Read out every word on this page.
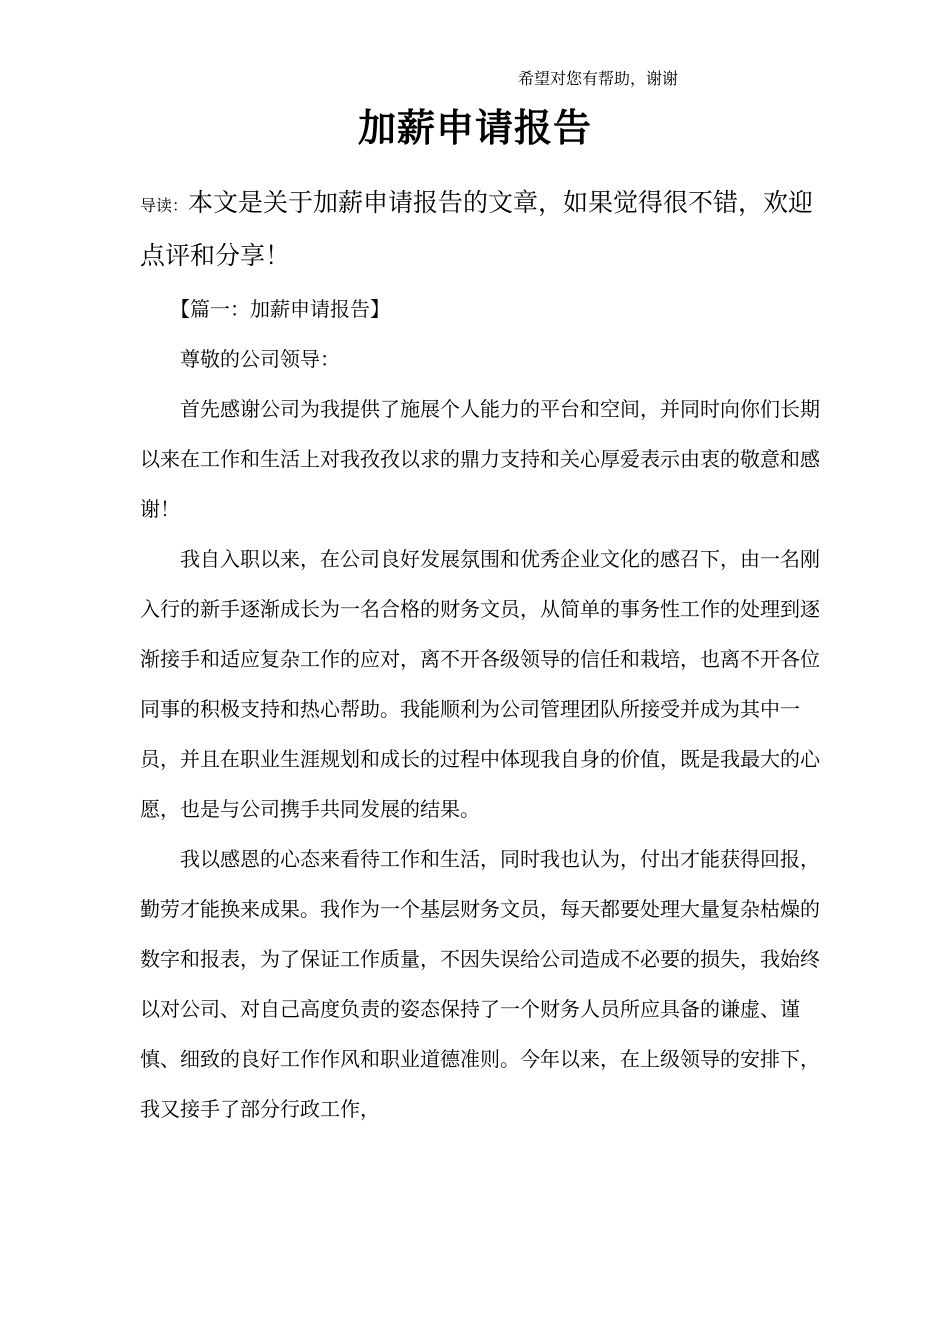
希望对您有帮助，谢谢
加薪申请报告

导读：本文是关于加薪申请报告的文章，如果觉得很不错，欢迎点评和分享！

【篇一：加薪申请报告】

尊敬的公司领导：

首先感谢公司为我提供了施展个人能力的平台和空间，并同时向你们长期以来在工作和生活上对我孜孜以求的鼎力支持和关心厚爱表示由衷的敬意和感谢！

我自入职以来，在公司良好发展氛围和优秀企业文化的感召下，由一名刚入行的新手逐渐成长为一名合格的财务文员，从简单的事务性工作的处理到逐渐接手和适应复杂工作的应对，离不开各级领导的信任和栽培，也离不开各位同事的积极支持和热心帮助。我能顺利为公司管理团队所接受并成为其中一员，并且在职业生涯规划和成长的过程中体现我自身的价值，既是我最大的心愿，也是与公司携手共同发展的结果。

我以感恩的心态来看待工作和生活，同时我也认为，付出才能获得回报，勤劳才能换来成果。我作为一个基层财务文员，每天都要处理大量复杂枯燥的数字和报表，为了保证工作质量，不因失误给公司造成不必要的损失，我始终以对公司、对自己高度负责的姿态保持了一个财务人员所应具备的谦虚、谨慎、细致的良好工作作风和职业道德准则。今年以来，在上级领导的安排下，我又接手了部分行政工作，
